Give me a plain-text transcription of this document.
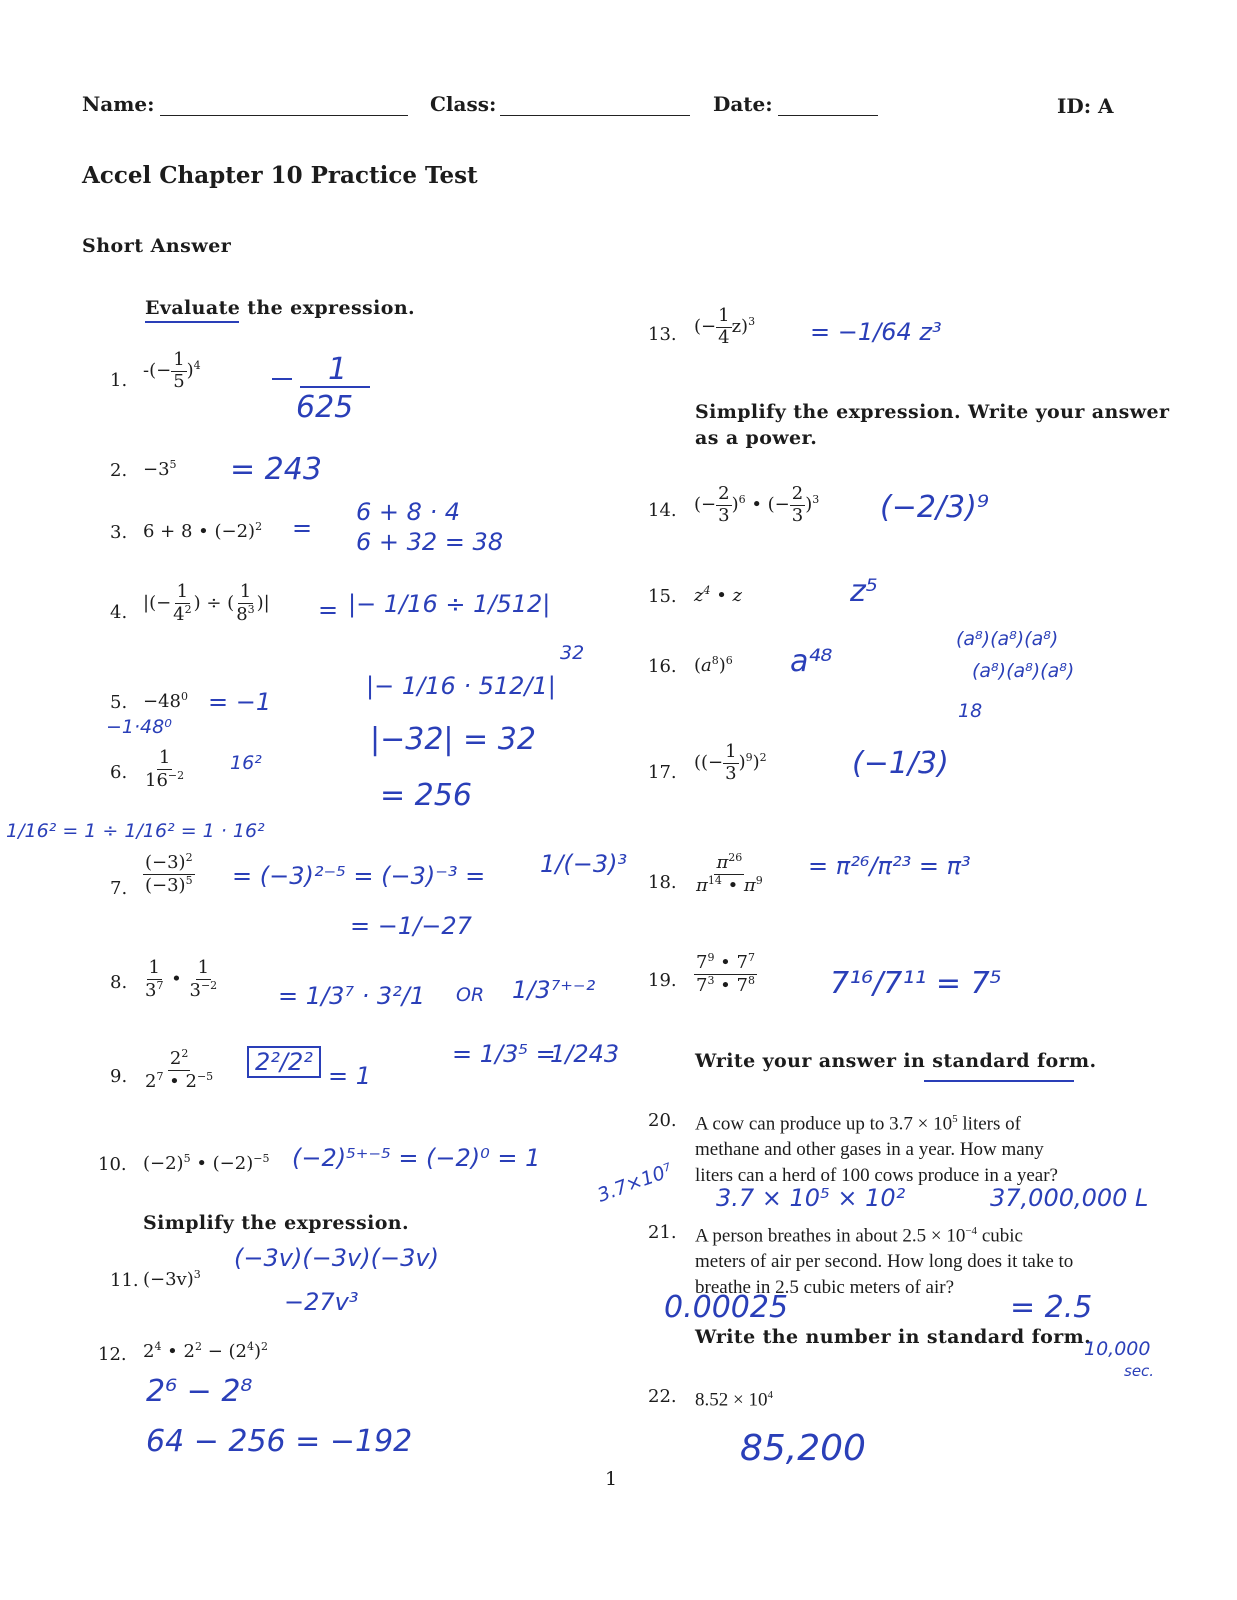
Name:	Class:	Date:	ID: A
Accel Chapter 10 Practice Test
Short Answer
Evaluate the expression.
1. -(− $\frac{1}{5} )^4$	1
625
2. $-3^5 = 243$
3. 6 + 8 • $(-2)^2$ =
6 + 8 · 4
6 + 32 = 38
4. |(− $\frac{1}{4^2}$ ) ÷ ( $\frac{1}{8^3}$ )| = |− 1/16 ÷ 1/512|
32
|− 1/16 · 512/1|
|−32| = 32
5. $-48^0 = -1$
−1·48⁰
6. $\frac{1}{16^{-2}} 16^2$
= 256
1/16² = 1 ÷ 1/16² = 1 · 16²
7. $\frac{(-3)^2}{(-3)^5} = (-3)^{2-5} = (-3)^{-3} = 1/(-3)^3$
= −1/−27
8. $\frac{1}{3^7}$ • $\frac{1}{3^{-2}} = 1/3^7 \cdot 3^2/1$ OR 1/3⁷⁺⁻²
= 1/3⁵ =
1/243
9. $\frac{2^2}{2^7 • 2^{-5}}$	2²/2² = 1
10. $(-2)^5$ • $(-2)^{-5}$ (−2)⁵⁺⁻⁵ = (−2)⁰ = 1
Simplify the expression.
11. $(-3v)^3$
(−3v)(−3v)(−3v)
−27v³
12. $2^4$ • $2^2 - (2^4)^2$
2⁶ − 2⁸
64 − 256 = −192
13. (− $\frac{1}{4} z)^3 = -1/64$ z³
Simplify the expression. Write your answer
as a power.
14. (− $\frac{2}{3} )^6$ • (− $\frac{2}{3} )^3$ (−2/3)⁹
15. $z^4$ • z	z⁵
16. $(a^8)^6$ a⁴⁸
(a⁸)(a⁸)(a⁸)
(a⁸)(a⁸)(a⁸)
18
17. ((− $\frac{1}{3} )^9)^2$	(−1/3)
18. $\frac{\pi^{26}}{\pi^{14} • \pi^9} = \pi^{26}/\pi^{23} = \pi^3$
19. $\frac{7^9 • 7^7}{7^3 • 7^8} 7^{16}/7^{11} = 7^5$
Write your answer in standard form.
20. A cow can produce up to $3.7 \times 10^5$ liters of
methane and other gases in a year. How many
liters can a herd of 100 cows produce in a year?
3.7×10⁷ 3.7 × 10⁵ × 10²	37,000,000 L
21. A person breathes in about $2.5 \times 10^{-4}$ cubic
meters of air per second. How long does it take to
breathe in 2.5 cubic meters of air?
0.00025	= 2.5
Write the number in standard form.
10,000
sec.
22. $8.52 \times 10^4$
85,200
1
